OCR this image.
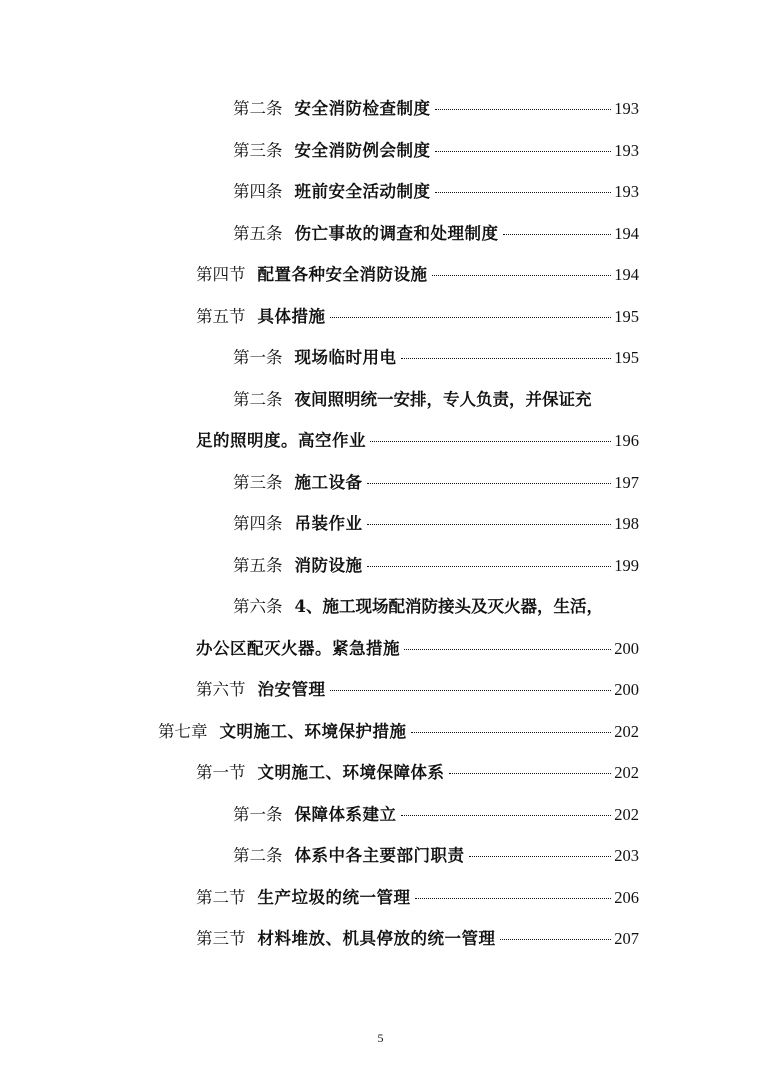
第二条 安全消防检查制度	193
第三条 安全消防例会制度	193
第四条 班前安全活动制度	193
第五条 伤亡事故的调查和处理制度	194
第四节 配置各种安全消防设施	194
第五节 具体措施	195
第一条 现场临时用电	195
第二条 夜间照明统一安排，专人负责，并保证充
足的照明度。高空作业	196
第三条 施工设备	197
第四条 吊装作业	198
第五条 消防设施	199
第六条 4、施工现场配消防接头及灭火器，生活，
办公区配灭火器。紧急措施	200
第六节 治安管理	200
第七章 文明施工、环境保护措施	202
第一节 文明施工、环境保障体系	202
第一条 保障体系建立	202
第二条 体系中各主要部门职责	203
第二节 生产垃圾的统一管理	206
第三节 材料堆放、机具停放的统一管理	207
5
